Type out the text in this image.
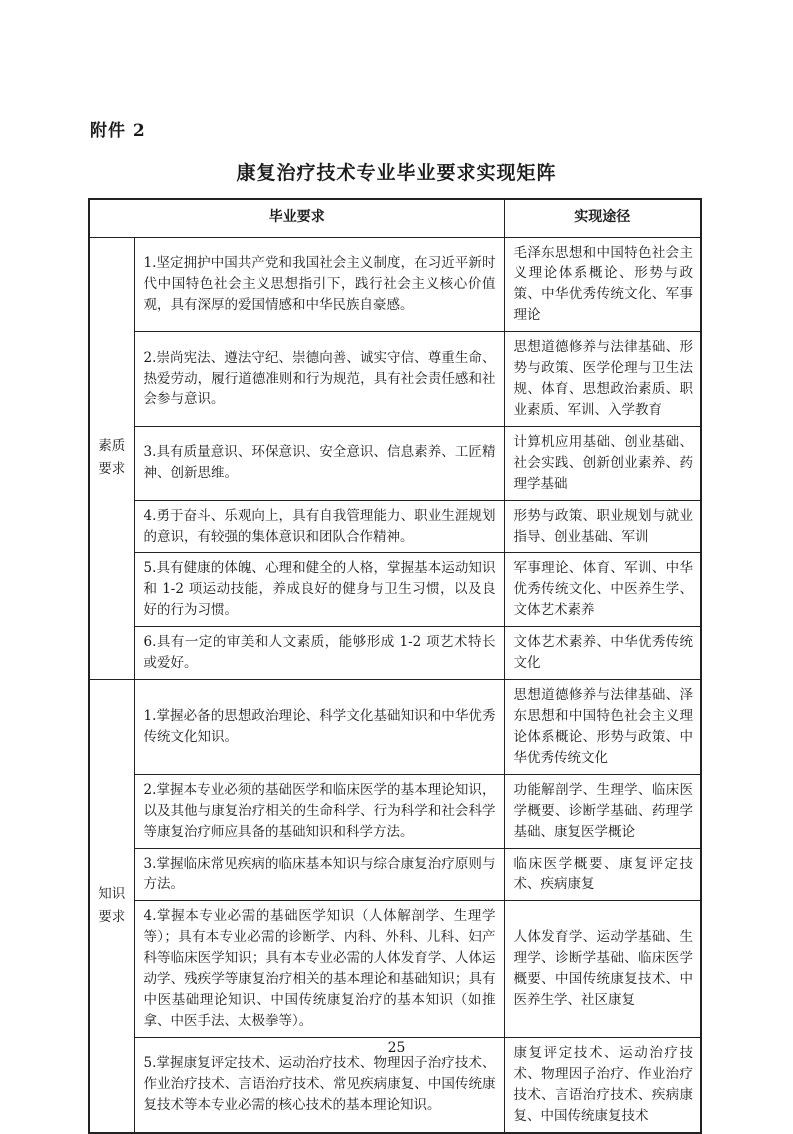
附件 2
康复治疗技术专业毕业要求实现矩阵
毕业要求		实现途径
素质要求	1.坚定拥护中国共产党和我国社会主义制度，在习近平新时代中国特色社会主义思想指引下，践行社会主义核心价值观，具有深厚的爱国情感和中华民族自豪感。	毛泽东思想和中国特色社会主义理论体系概论、形势与政策、中华优秀传统文化、军事理论
	2.崇尚宪法、遵法守纪、崇德向善、诚实守信、尊重生命、热爱劳动，履行道德准则和行为规范，具有社会责任感和社会参与意识。	思想道德修养与法律基础、形势与政策、医学伦理与卫生法规、体育、思想政治素质、职业素质、军训、入学教育
	3.具有质量意识、环保意识、安全意识、信息素养、工匠精神、创新思维。	计算机应用基础、创业基础、社会实践、创新创业素养、药理学基础
	4.勇于奋斗、乐观向上，具有自我管理能力、职业生涯规划的意识，有较强的集体意识和团队合作精神。	形势与政策、职业规划与就业指导、创业基础、军训
	5.具有健康的体魄、心理和健全的人格，掌握基本运动知识和 1-2 项运动技能，养成良好的健身与卫生习惯，以及良好的行为习惯。	军事理论、体育、军训、中华优秀传统文化、中医养生学、文体艺术素养
	6.具有一定的审美和人文素质，能够形成 1-2 项艺术特长或爱好。	文体艺术素养、中华优秀传统文化
知识要求	1.掌握必备的思想政治理论、科学文化基础知识和中华优秀传统文化知识。	思想道德修养与法律基础、泽东思想和中国特色社会主义理论体系概论、形势与政策、中华优秀传统文化
	2.掌握本专业必须的基础医学和临床医学的基本理论知识，以及其他与康复治疗相关的生命科学、行为科学和社会科学等康复治疗师应具备的基础知识和科学方法。	功能解剖学、生理学、临床医学概要、诊断学基础、药理学基础、康复医学概论
	3.掌握临床常见疾病的临床基本知识与综合康复治疗原则与方法。	临床医学概要、康复评定技术、疾病康复
	4.掌握本专业必需的基础医学知识（人体解剖学、生理学等）；具有本专业必需的诊断学、内科、外科、儿科、妇产科等临床医学知识；具有本专业必需的人体发育学、人体运动学、残疾学等康复治疗相关的基本理论和基础知识；具有中医基础理论知识、中国传统康复治疗的基本知识（如推拿、中医手法、太极拳等）。	人体发育学、运动学基础、生理学、诊断学基础、临床医学概要、中国传统康复技术、中医养生学、社区康复
	5.掌握康复评定技术、运动治疗技术、物理因子治疗技术、作业治疗技术、言语治疗技术、常见疾病康复、中国传统康复技术等本专业必需的核心技术的基本理论知识。	康复评定技术、运动治疗技术、物理因子治疗、作业治疗技术、言语治疗技术、疾病康复、中国传统康复技术
25
